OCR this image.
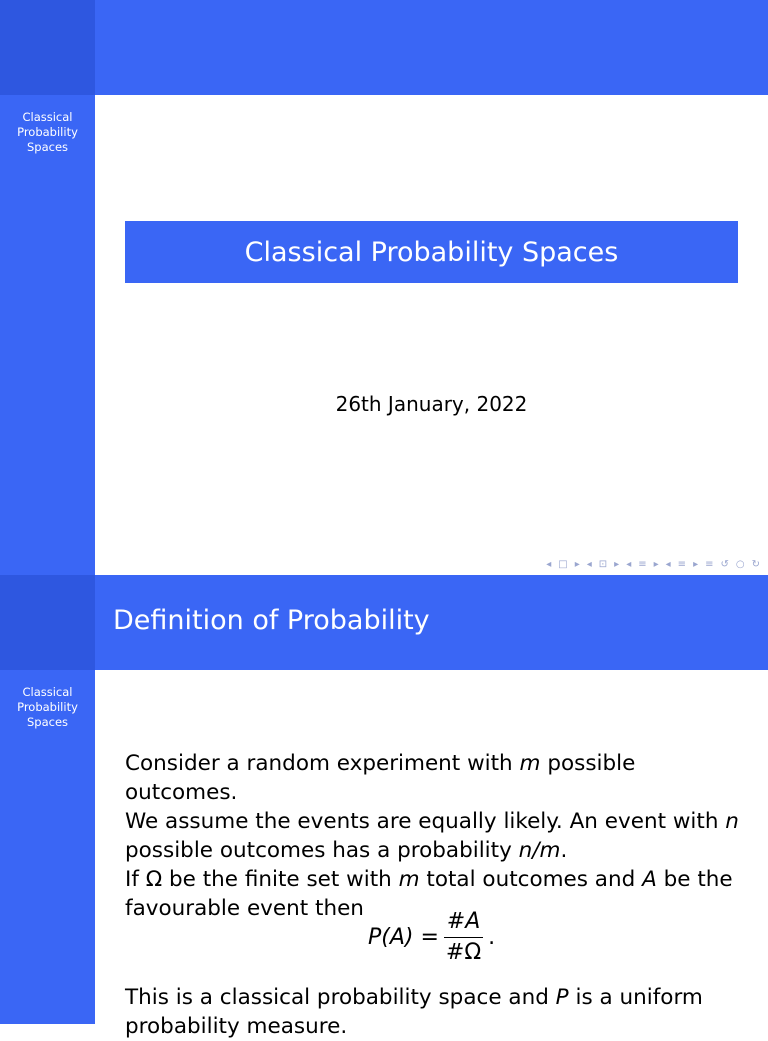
Classical
Probability
Spaces
Classical Probability Spaces
26th January, 2022
◂ □ ▸ ◂ ⊡ ▸ ◂ ≡ ▸ ◂ ≡ ▸ ≡ ↺ ○ ↻
Definition of Probability
Classical
Probability
Spaces

Consider a random experiment with m possible outcomes.

We assume the events are equally likely. An event with n

possible outcomes has a probability n/m.

If Ω be the finite set with m total outcomes and A be the

favourable event then

$P(A) = \frac{\#A}{\#\Omega}$ .
This is a classical probability space and P is a uniform
probability measure.
